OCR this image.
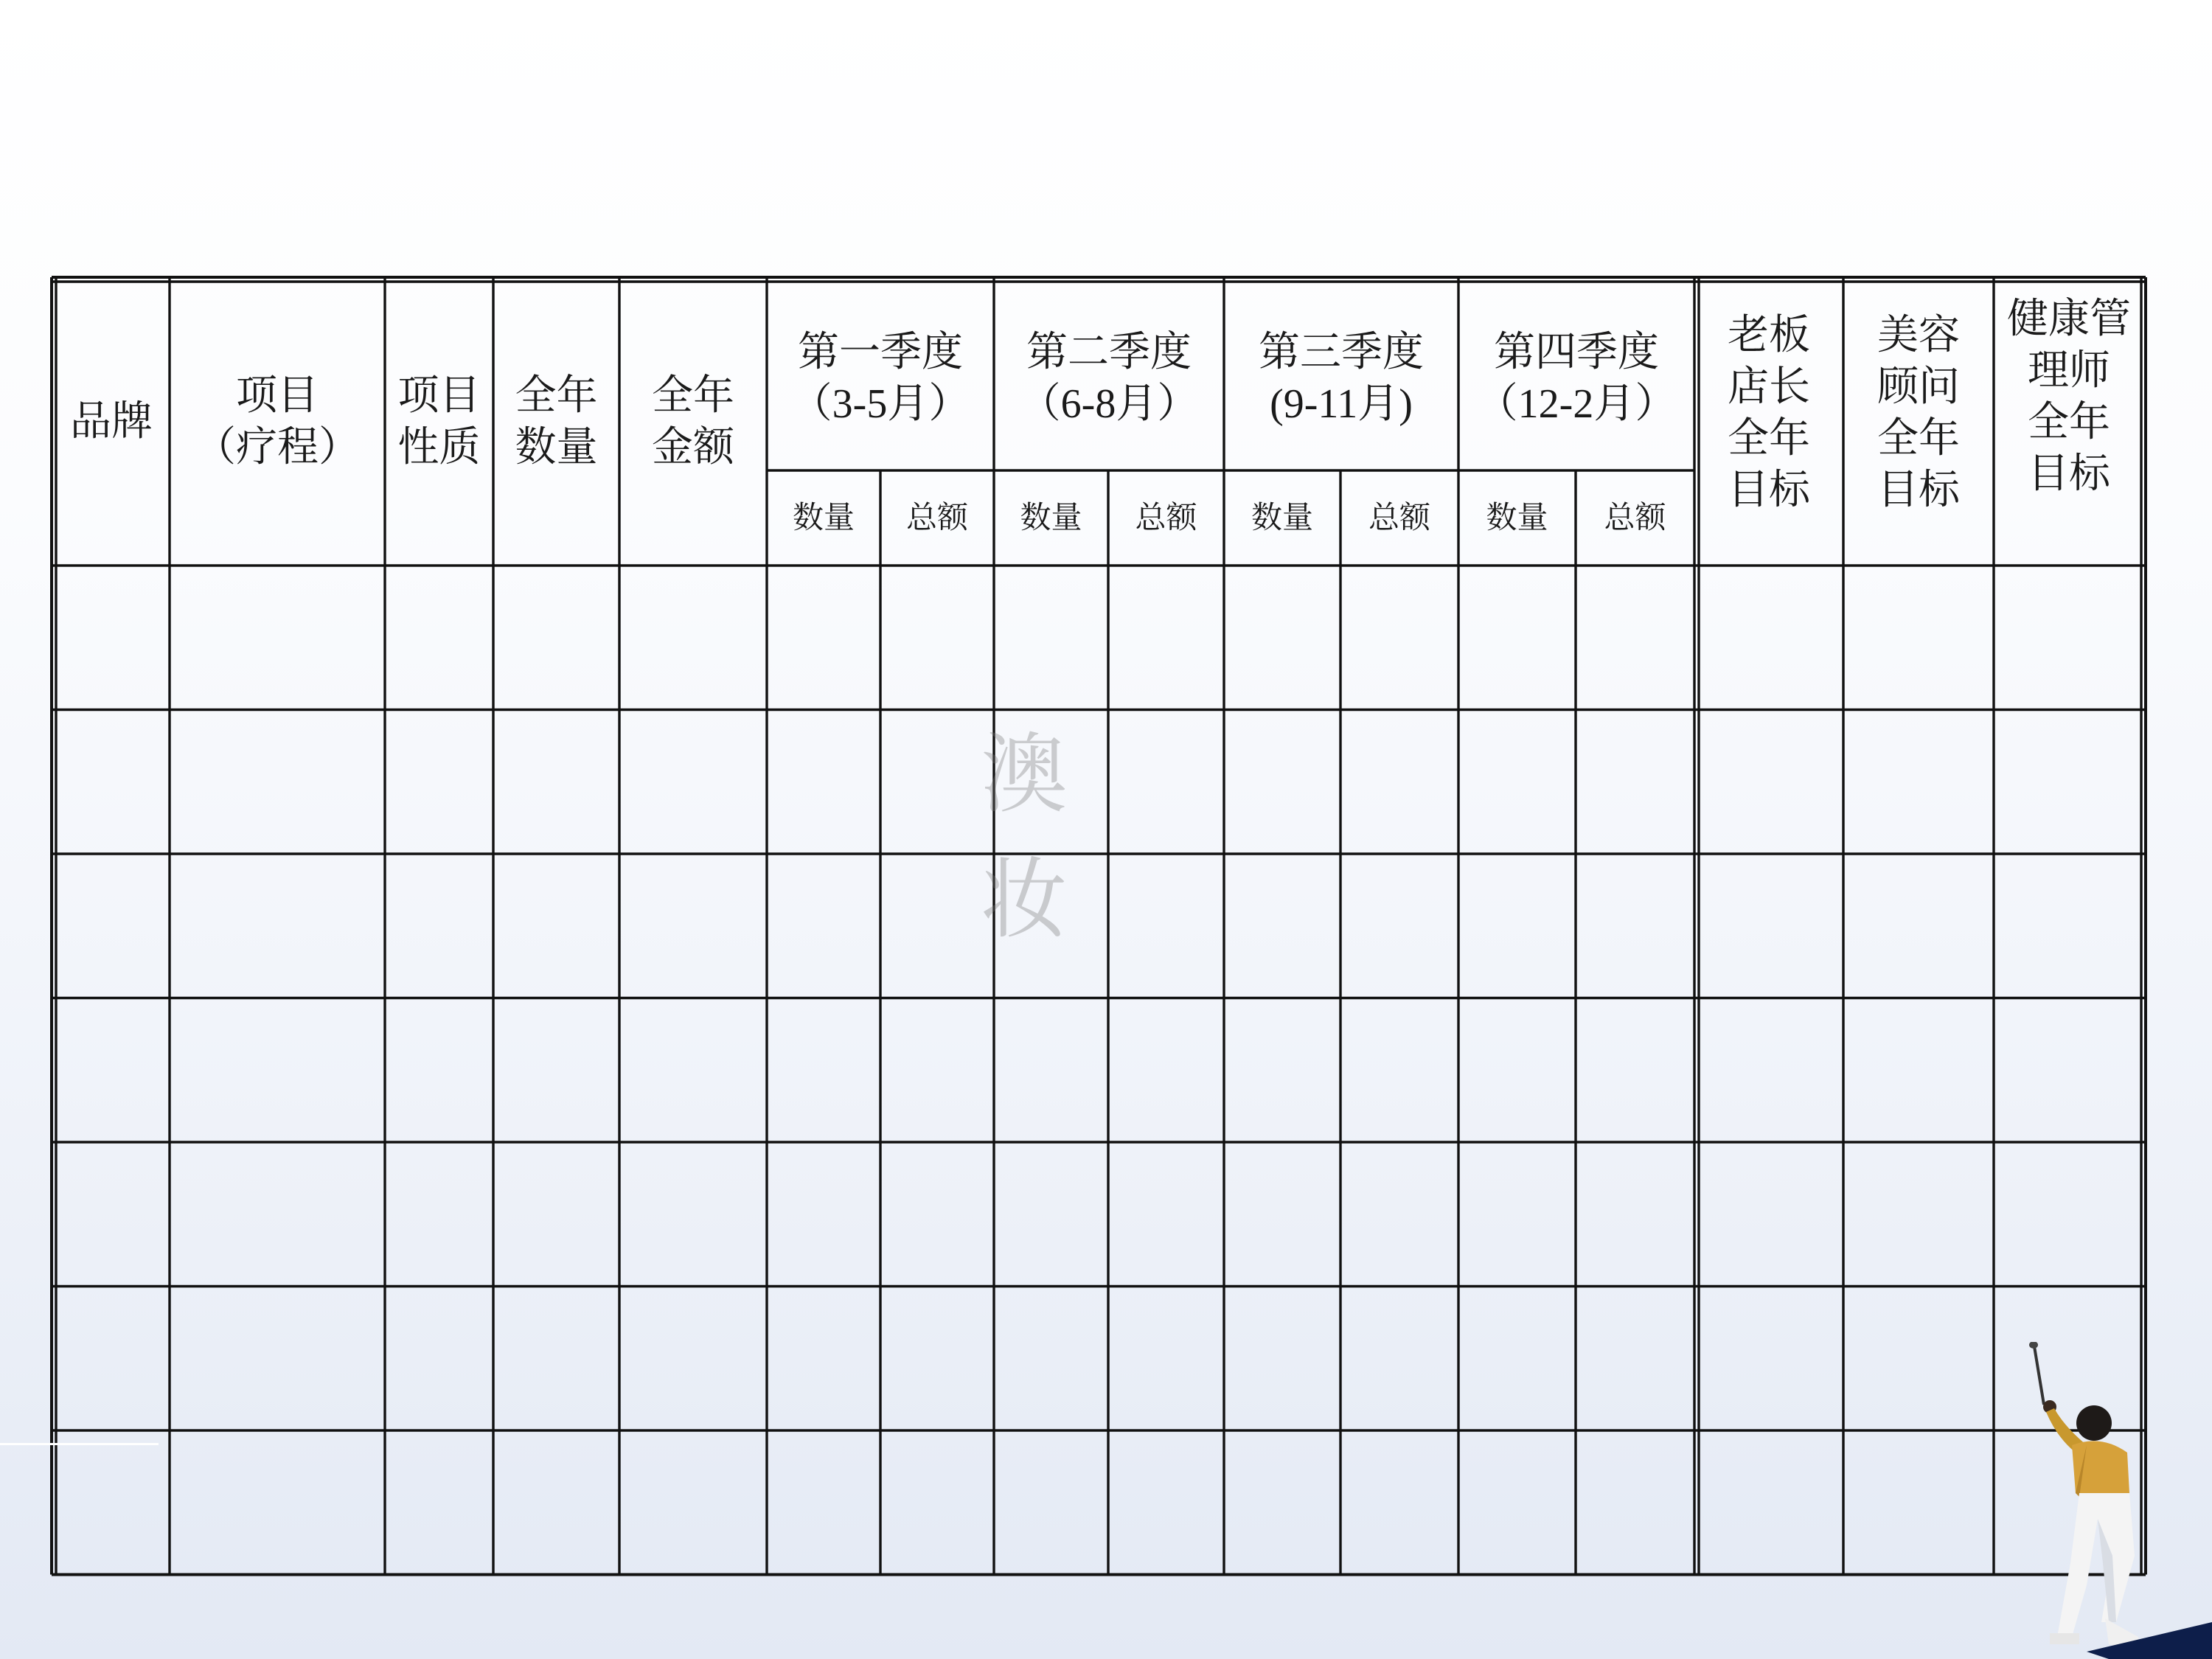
品牌
项目
（疗程）
项目
性质
全年
数量
全年
金额
第一季度
（3-5月）
第二季度
（6-8月）
第三季度
(9-11月)
第四季度
（12-2月）
数量 总额 数量 总额 数量 总额 数量 总额
老板
店长
全年
目标
美容
顾问
全年
目标
健康管
理师
全年
目标
澳 妆
